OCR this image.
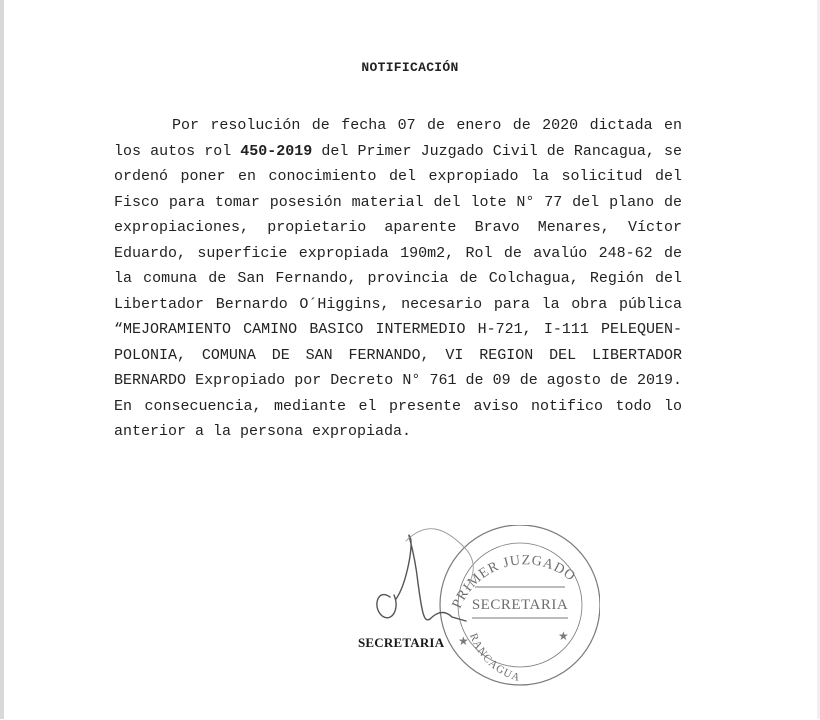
NOTIFICACIÓN

Por resolución de fecha 07 de enero de 2020 dictada en los autos rol 450-2019 del Primer Juzgado Civil de Rancagua, se ordenó poner en conocimiento del expropiado la solicitud del Fisco para tomar posesión material del lote N° 77 del plano de expropiaciones, propietario aparente Bravo Menares, Víctor Eduardo, superficie expropiada 190m2, Rol de avalúo 248-62 de la comuna de San Fernando, provincia de Colchagua, Región del Libertador Bernardo O´Higgins, necesario para la obra pública “MEJORAMIENTO CAMINO BASICO INTERMEDIO H-721, I-111 PELEQUEN-POLONIA, COMUNA DE SAN FERNANDO, VI REGION DEL LIBERTADOR BERNARDO Expropiado por Decreto N° 761 de 09 de agosto de 2019. En consecuencia, mediante el presente aviso notifico todo lo anterior a la persona expropiada.

PRIMER JUZGADO
SECRETARIA
RANCAGUA
★	★
SECRETARIA
